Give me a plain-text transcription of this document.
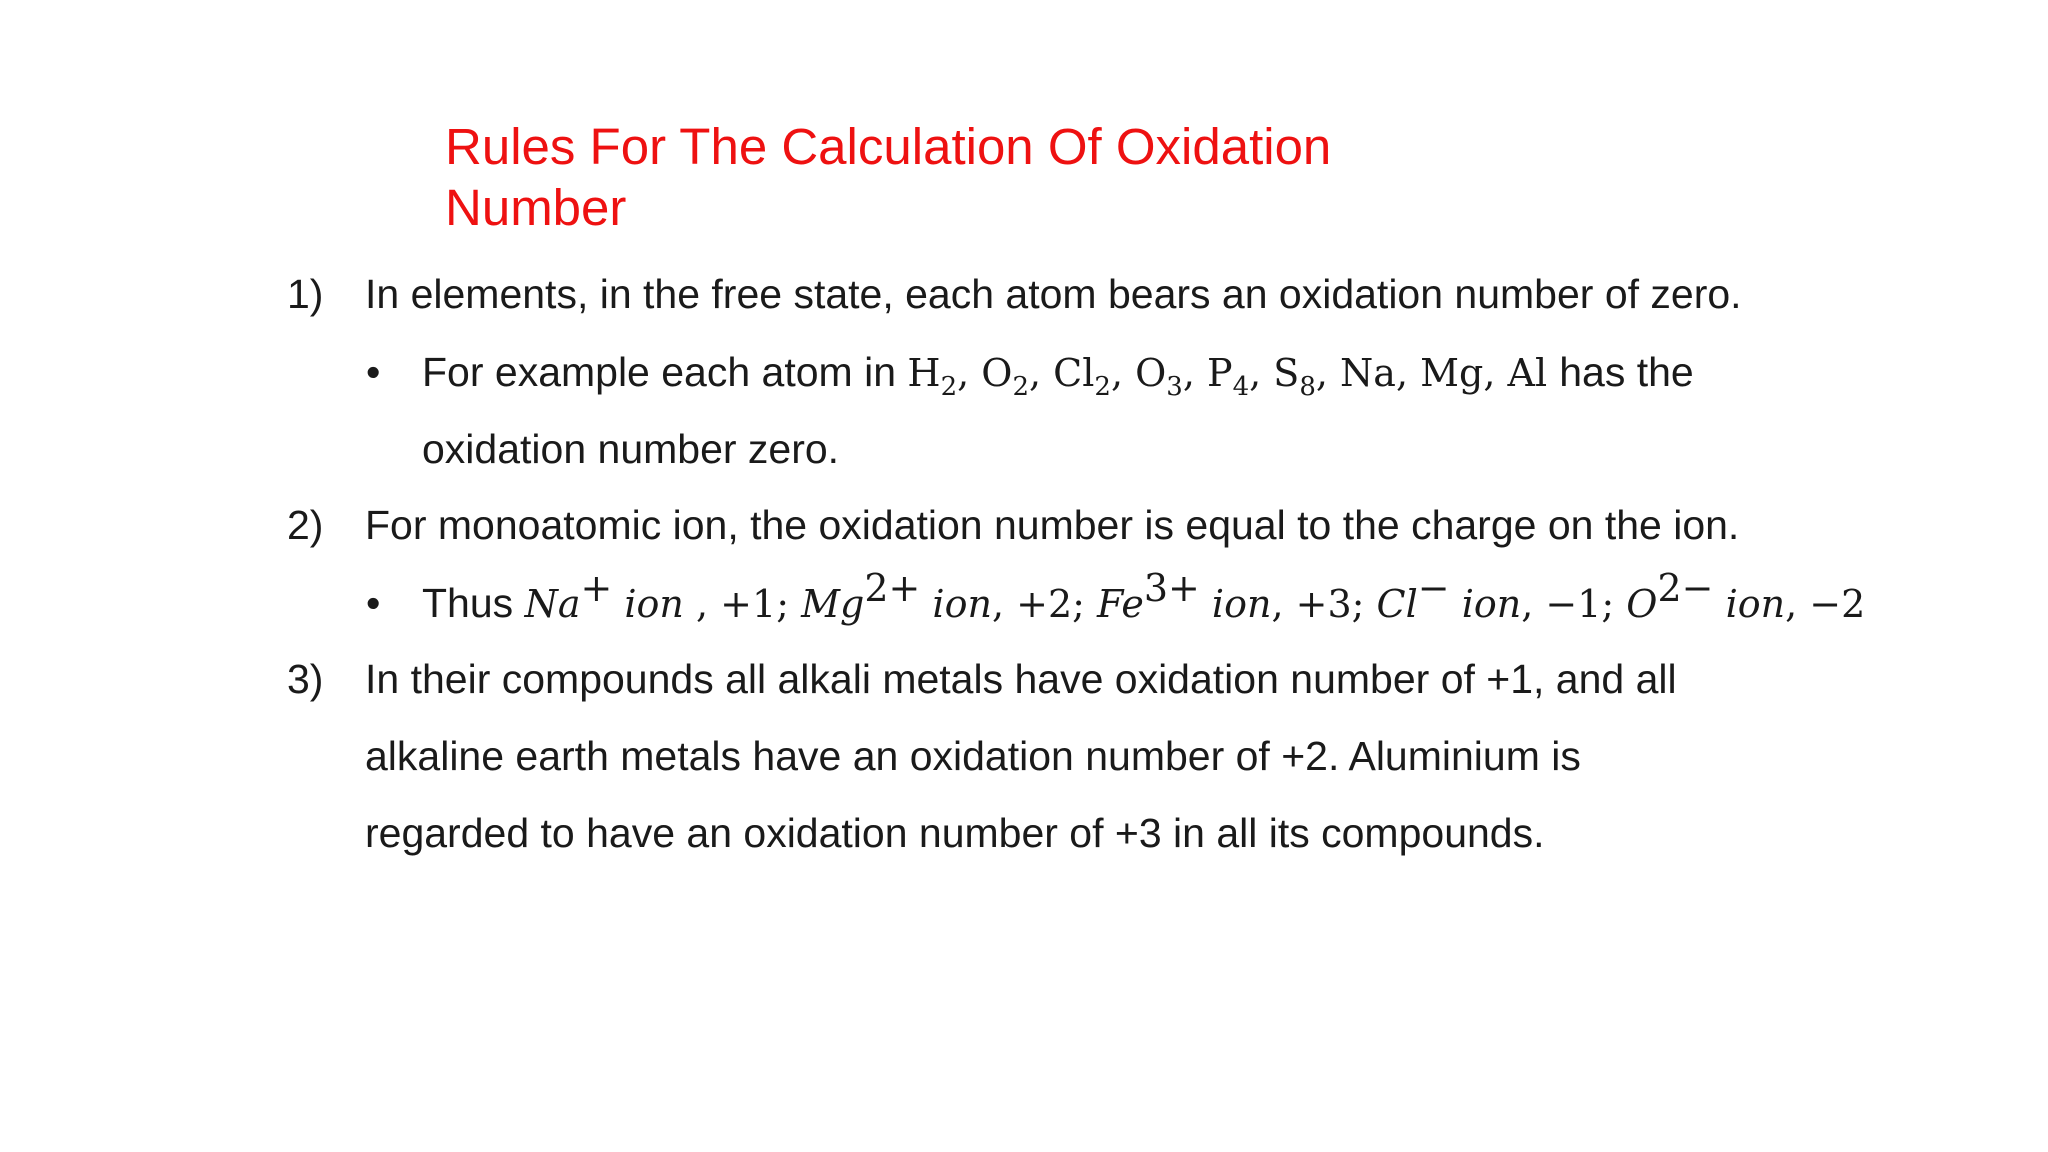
Rules For The Calculation Of Oxidation
Number
1) In elements, in the free state, each atom bears an oxidation number of zero.
• For example each atom in $H_2$, $O_2$, $Cl_2$, $O_3$, $P_4$, $S_8$, Na, Mg, Al has the
oxidation number zero.
2) For monoatomic ion, the oxidation number is equal to the charge on the ion.
• Thus Na+ ion , +1; $Mg^{2+}$ ion, +2; $Fe^{3+}$ ion, +3; Cl− ion, −1; $O^{2-}$ ion, −2
3) In their compounds all alkali metals have oxidation number of +1, and all
alkaline earth metals have an oxidation number of +2. Aluminium is
regarded to have an oxidation number of +3 in all its compounds.
